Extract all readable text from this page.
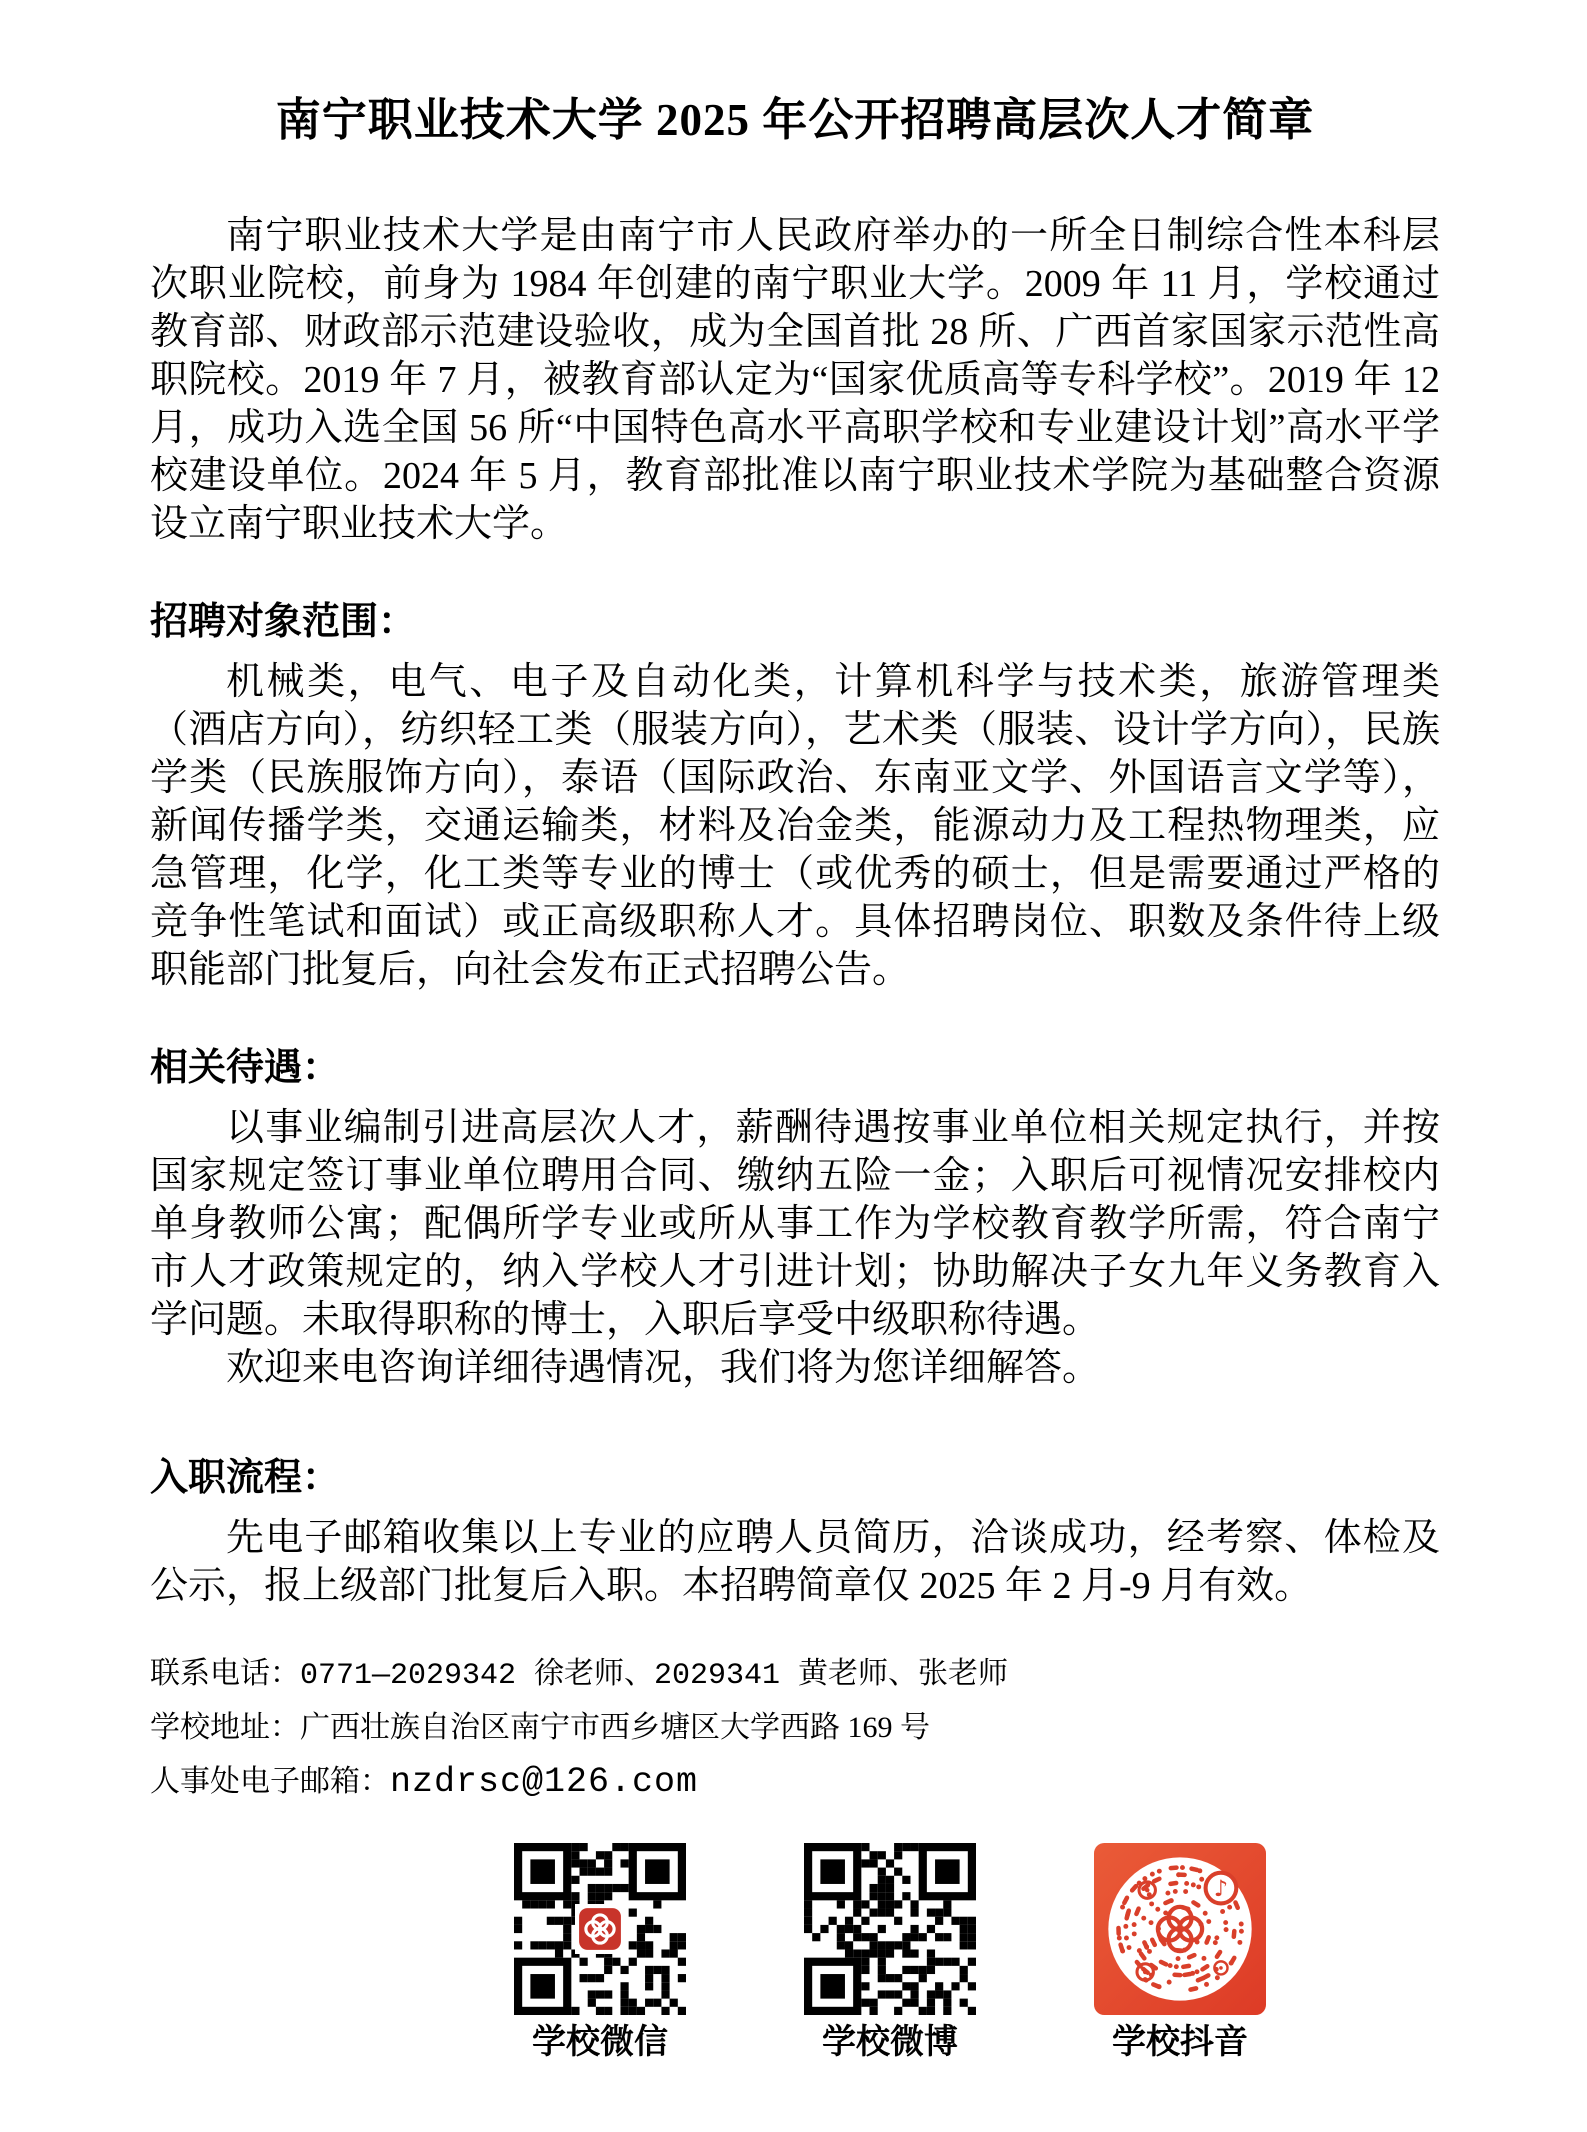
南宁职业技术大学 2025 年公开招聘高层次人才简章

南宁职业技术大学是由南宁市人民政府举办的一所全日制综合性本科层次职业院校，前身为 1984 年创建的南宁职业大学。2009 年 11 月，学校通过教育部、财政部示范建设验收，成为全国首批 28 所、广西首家国家示范性高职院校。2019 年 7 月，被教育部认定为“国家优质高等专科学校”。2019 年 12 月，成功入选全国 56 所“中国特色高水平高职学校和专业建设计划”高水平学校建设单位。2024 年 5 月，教育部批准以南宁职业技术学院为基础整合资源设立南宁职业技术大学。

招聘对象范围：

机械类，电气、电子及自动化类，计算机科学与技术类，旅游管理类（酒店方向），纺织轻工类（服装方向），艺术类（服装、设计学方向），民族学类（民族服饰方向），泰语（国际政治、东南亚文学、外国语言文学等），新闻传播学类，交通运输类，材料及冶金类，能源动力及工程热物理类，应急管理，化学，化工类等专业的博士（或优秀的硕士，但是需要通过严格的竞争性笔试和面试）或正高级职称人才。具体招聘岗位、职数及条件待上级职能部门批复后，向社会发布正式招聘公告。

相关待遇：

以事业编制引进高层次人才，薪酬待遇按事业单位相关规定执行，并按国家规定签订事业单位聘用合同、缴纳五险一金；入职后可视情况安排校内单身教师公寓；配偶所学专业或所从事工作为学校教育教学所需，符合南宁市人才政策规定的，纳入学校人才引进计划；协助解决子女九年义务教育入学问题。未取得职称的博士，入职后享受中级职称待遇。

欢迎来电咨询详细待遇情况，我们将为您详细解答。

入职流程：

先电子邮箱收集以上专业的应聘人员简历，洽谈成功，经考察、体检及公示，报上级部门批复后入职。本招聘简章仅 2025 年 2 月-9 月有效。

联系电话：0771—2029342 徐老师、2029341 黄老师、张老师

学校地址：广西壮族自治区南宁市西乡塘区大学西路 169 号

人事处电子邮箱：nzdrsc@126.com

学校微信	学校微博
♪
学校抖音
